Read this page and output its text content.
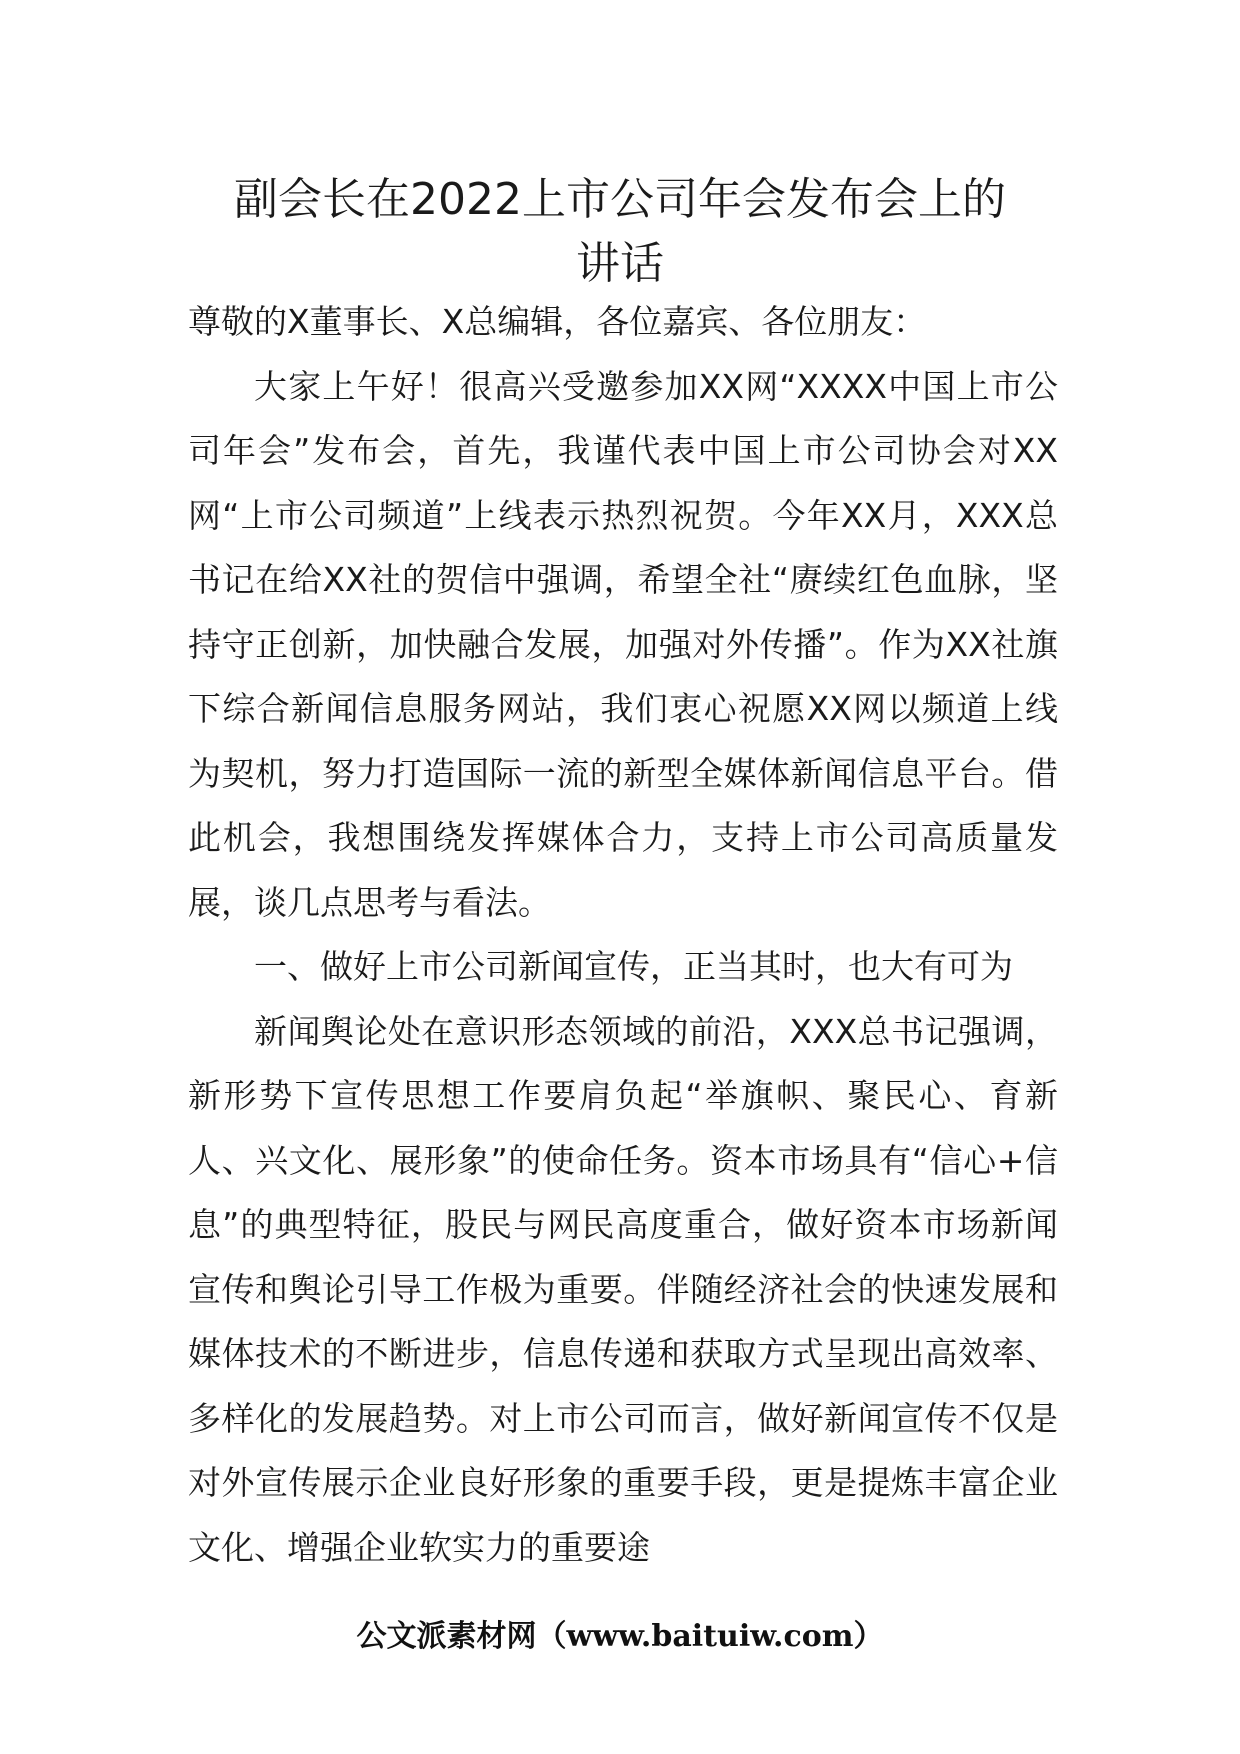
副会长在2022上市公司年会发布会上的
讲话

尊敬的X董事长、X总编辑，各位嘉宾、各位朋友：

大家上午好！很高兴受邀参加XX网“XXXX中国上市公司年会”发布会，首先，我谨代表中国上市公司协会对XX网“上市公司频道”上线表示热烈祝贺。今年XX月，XXX总书记在给XX社的贺信中强调，希望全社“赓续红色血脉，坚持守正创新，加快融合发展，加强对外传播”。作为XX社旗下综合新闻信息服务网站，我们衷心祝愿XX网以频道上线为契机，努力打造国际一流的新型全媒体新闻信息平台。借此机会，我想围绕发挥媒体合力，支持上市公司高质量发展，谈几点思考与看法。

一、做好上市公司新闻宣传，正当其时，也大有可为

新闻舆论处在意识形态领域的前沿，XXX总书记强调，新形势下宣传思想工作要肩负起“举旗帜、聚民心、育新人、兴文化、展形象”的使命任务。资本市场具有“信心+信息”的典型特征，股民与网民高度重合，做好资本市场新闻宣传和舆论引导工作极为重要。伴随经济社会的快速发展和媒体技术的不断进步，信息传递和获取方式呈现出高效率、多样化的发展趋势。对上市公司而言，做好新闻宣传不仅是对外宣传展示企业良好形象的重要手段，更是提炼丰富企业文化、增强企业软实力的重要途

公文派素材网（www.baituiw.com）
